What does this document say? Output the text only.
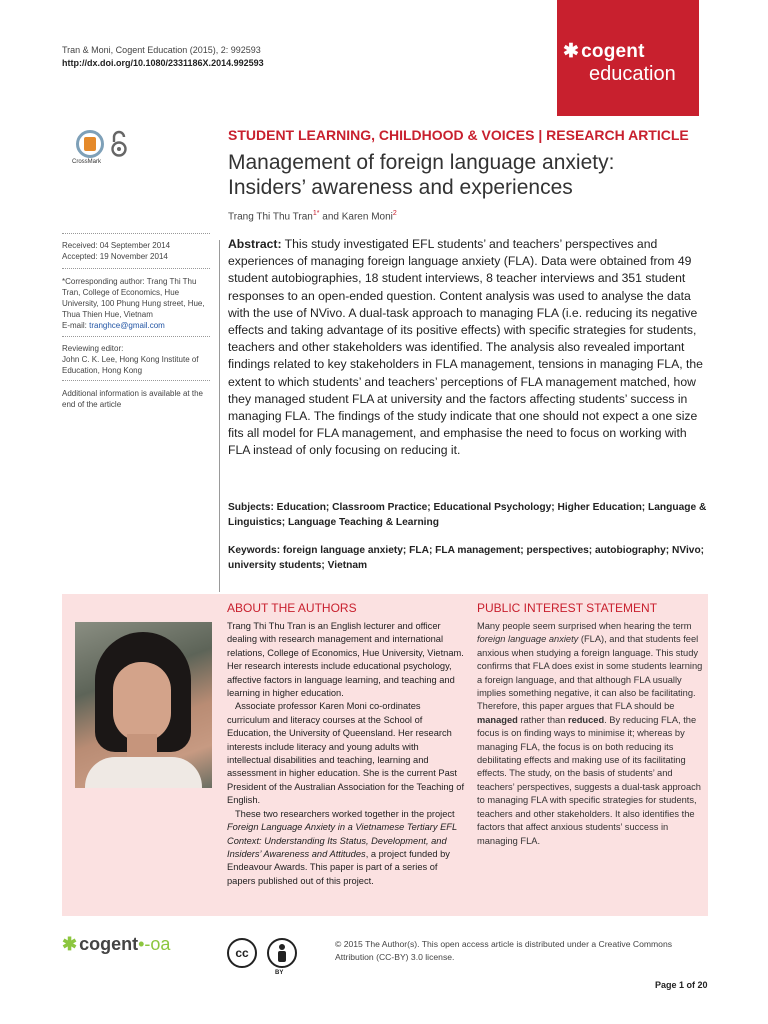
Tran & Moni, Cogent Education (2015), 2: 992593
http://dx.doi.org/10.1080/2331186X.2014.992593
✱ cogent
education
CrossMark
STUDENT LEARNING, CHILDHOOD & VOICES | RESEARCH ARTICLE
Management of foreign language anxiety:
Insiders’ awareness and experiences
Trang Thi Thu Tran$^{1*}$ and Karen Moni$^2$
Received: 04 September 2014
Accepted: 19 November 2014
*Corresponding author: Trang Thi Thu Tran, College of Economics, Hue University, 100 Phung Hung street, Hue, Thua Thien Hue, Vietnam
E-mail: tranghce@gmail.com
Reviewing editor:
John C. K. Lee, Hong Kong Institute of Education, Hong Kong
Additional information is available at the end of the article
Abstract: This study investigated EFL students’ and teachers’ perspectives and experiences of managing foreign language anxiety (FLA). Data were obtained from 49 student autobiographies, 18 student interviews, 8 teacher interviews and 351 student responses to an open-ended question. Content analysis was used to analyse the data with the use of NVivo. A dual-task approach to managing FLA (i.e. reducing its negative effects and taking advantage of its positive effects) with specific strategies for students, teachers and other stakeholders was identified. The analysis also revealed important findings related to key stakeholders in FLA management, tensions in managing FLA, the extent to which students’ and teachers’ perceptions of FLA management matched, how they managed student FLA at university and the factors affecting students’ success in managing FLA. The findings of the study indicate that one should not expect a one size fits all model for FLA management, and emphasise the need to focus on working with FLA instead of only focusing on reducing it.
Subjects: Education; Classroom Practice; Educational Psychology; Higher Education; Language & Linguistics; Language Teaching & Learning
Keywords: foreign language anxiety; FLA; FLA management; perspectives; autobiography; NVivo; university students; Vietnam
ABOUT THE AUTHORS

Trang Thi Thu Tran is an English lecturer and officer dealing with research management and international relations, College of Economics, Hue University, Vietnam. Her research interests include educational psychology, affective factors in language learning, and teaching and learning in higher education.

Associate professor Karen Moni co-ordinates curriculum and literacy courses at the School of Education, the University of Queensland. Her research interests include literacy and young adults with intellectual disabilities and teaching, learning and assessment in higher education. She is the current Past President of the Australian Association for the Teaching of English.

These two researchers worked together in the project Foreign Language Anxiety in a Vietnamese Tertiary EFL Context: Understanding Its Status, Development, and Insiders’ Awareness and Attitudes, a project funded by Endeavour Awards. This paper is part of a series of papers published out of this project.

PUBLIC INTEREST STATEMENT
Many people seem surprised when hearing the term foreign language anxiety (FLA), and that students feel anxious when studying a foreign language. This study confirms that FLA does exist in some students learning a foreign language, and that although FLA usually implies something negative, it can also be facilitating. Therefore, this paper argues that FLA should be managed rather than reduced. By reducing FLA, the focus is on finding ways to minimise it; whereas by managing FLA, the focus is on both reducing its debilitating effects and making use of its facilitating effects. The study, on the basis of students’ and teachers’ perspectives, suggests a dual-task approach to managing FLA with specific strategies for students, teachers and other stakeholders. It also identifies the factors that affect anxious students’ success in managing FLA.
✱ cogent•-oa	cc
BY
© 2015 The Author(s). This open access article is distributed under a Creative Commons Attribution (CC-BY) 3.0 license.
Page 1 of 20
